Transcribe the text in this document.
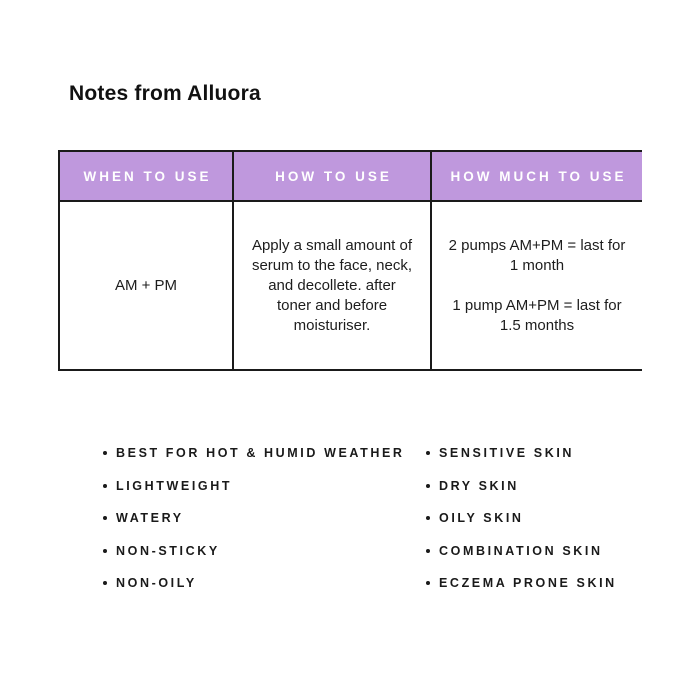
Notes from Alluora
WHEN TO USE	HOW TO USE	HOW MUCH TO USE

AM + PM

Apply a small amount of serum to the face, neck, and decollete. after toner and before moisturiser.

2 pumps AM+PM = last for 1 month

1 pump AM+PM = last for 1.5 months

BEST FOR HOT & HUMID WEATHER
LIGHTWEIGHT
WATERY
NON-STICKY
NON-OILY
SENSITIVE SKIN
DRY SKIN
OILY SKIN
COMBINATION SKIN
ECZEMA PRONE SKIN
